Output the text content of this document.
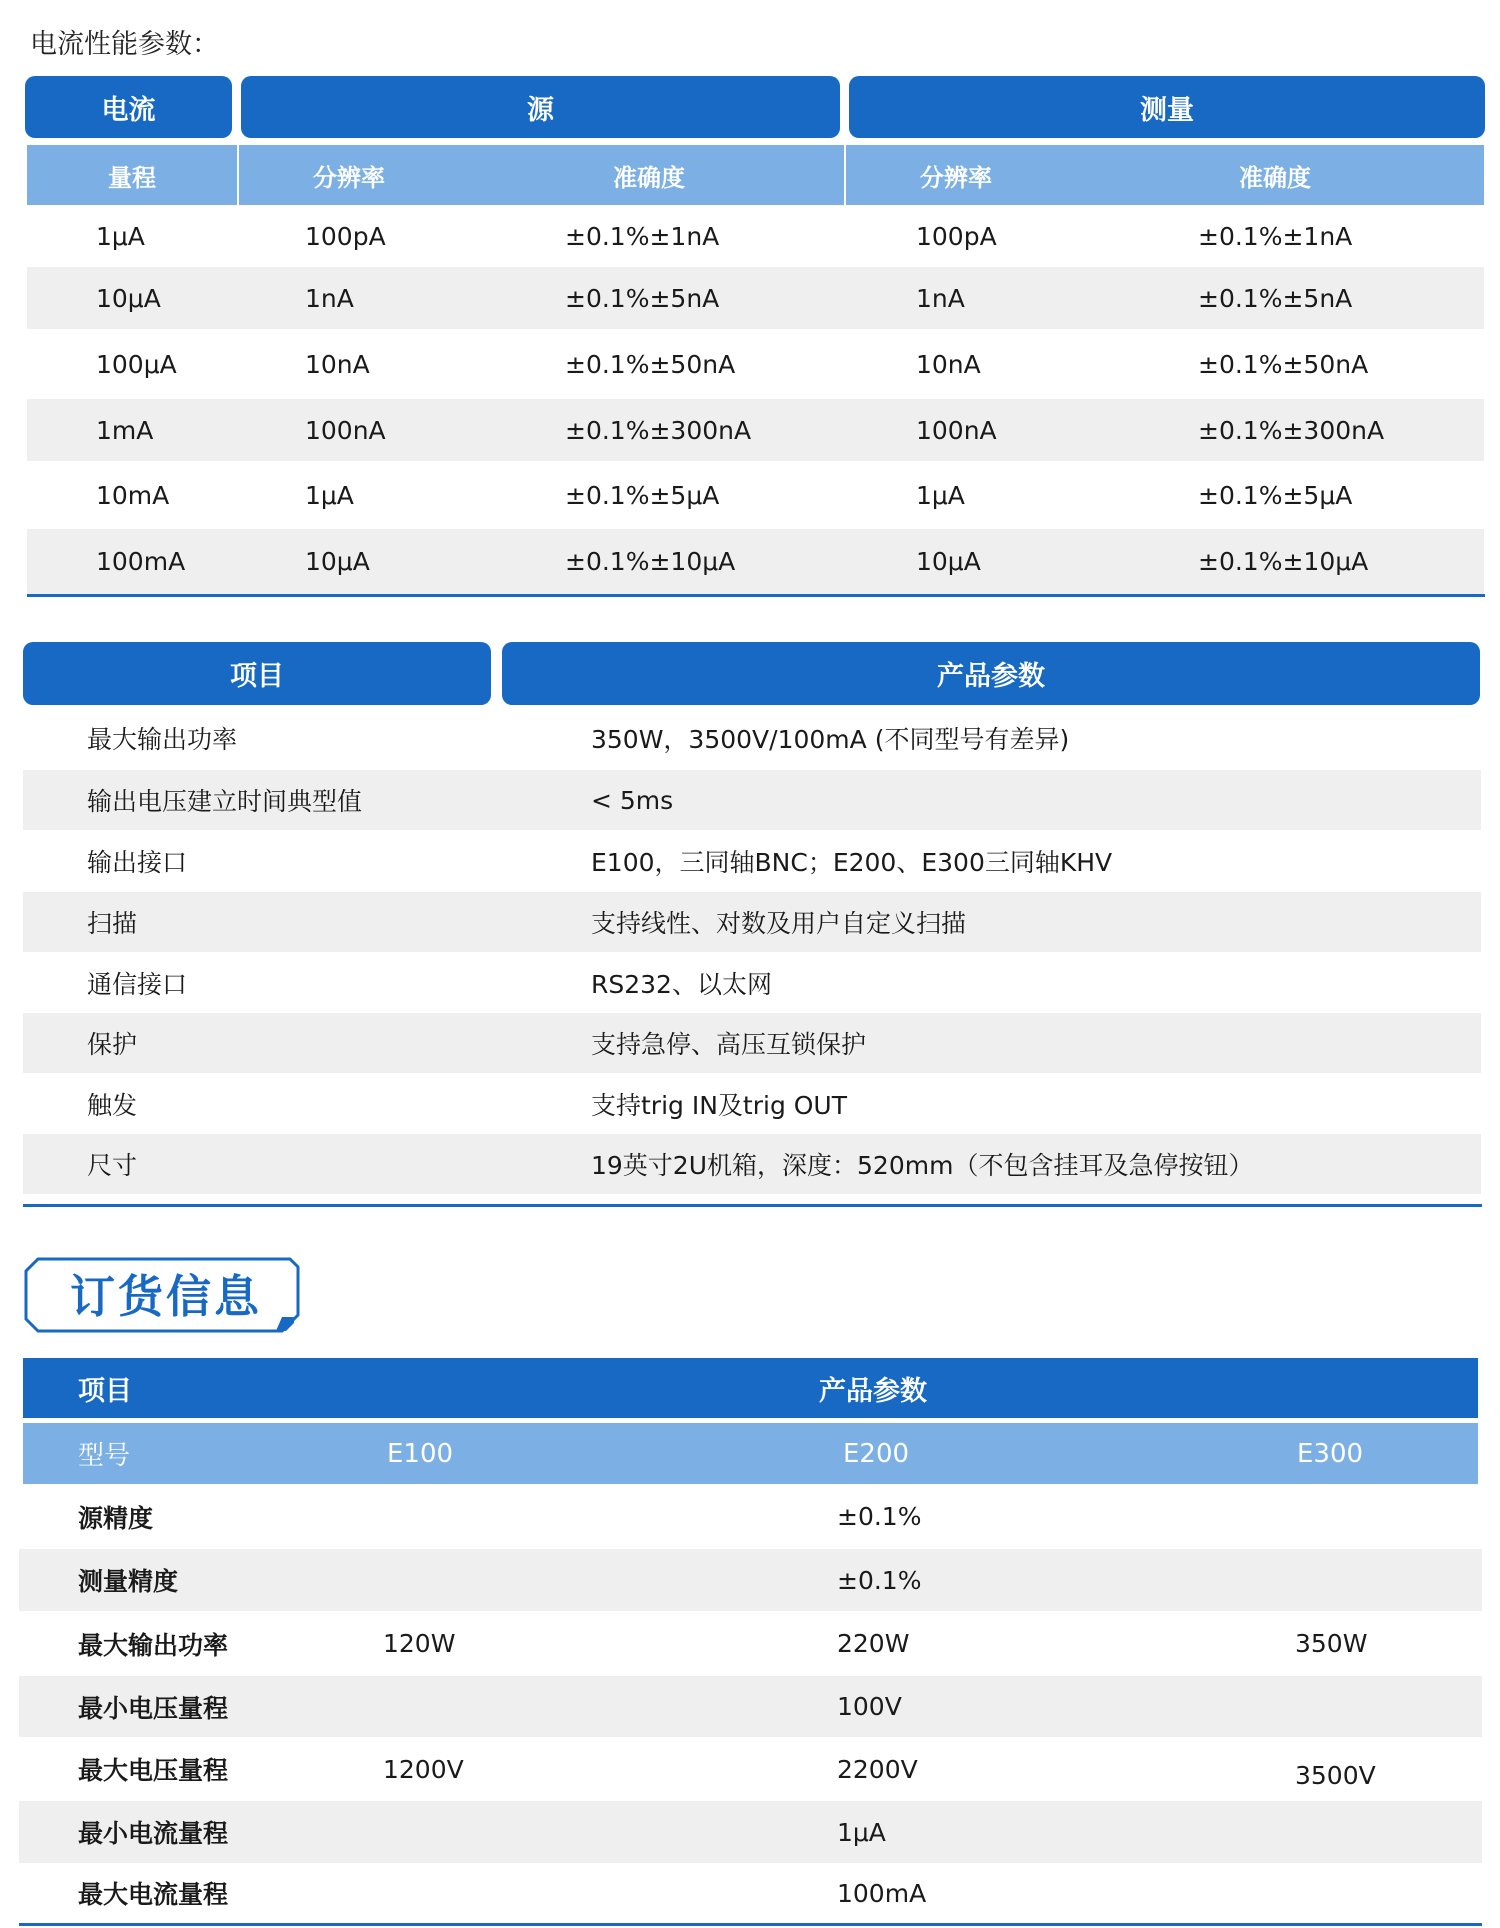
电流性能参数：
电流	源	测量
量程	分辨率	准确度	分辨率	准确度
1μA	100pA	±0.1%±1nA	100pA	±0.1%±1nA
10μA	1nA	±0.1%±5nA	1nA	±0.1%±5nA
100μA	10nA	±0.1%±50nA	10nA	±0.1%±50nA
1mA	100nA	±0.1%±300nA	100nA	±0.1%±300nA
10mA	1μA	±0.1%±5μA	1μA	±0.1%±5μA
100mA	10μA	±0.1%±10μA	10μA	±0.1%±10μA
项目	产品参数
最大输出功率	350W，3500V/100mA (不同型号有差异)
输出电压建立时间典型值	< 5ms
输出接口	E100，三同轴BNC；E200、E300三同轴KHV
扫描	支持线性、对数及用户自定义扫描
通信接口	RS232、以太网
保护	支持急停、高压互锁保护
触发	支持trig IN及trig OUT
尺寸	19英寸2U机箱，深度：520mm（不包含挂耳及急停按钮）
订货信息
项目	产品参数
型号	E100	E200	E300
源精度	±0.1%
测量精度	±0.1%
最大输出功率	120W	220W	350W
最小电压量程	100V
最大电压量程	1200V	2200V	3500V
最小电流量程	1μA
最大电流量程	100mA
